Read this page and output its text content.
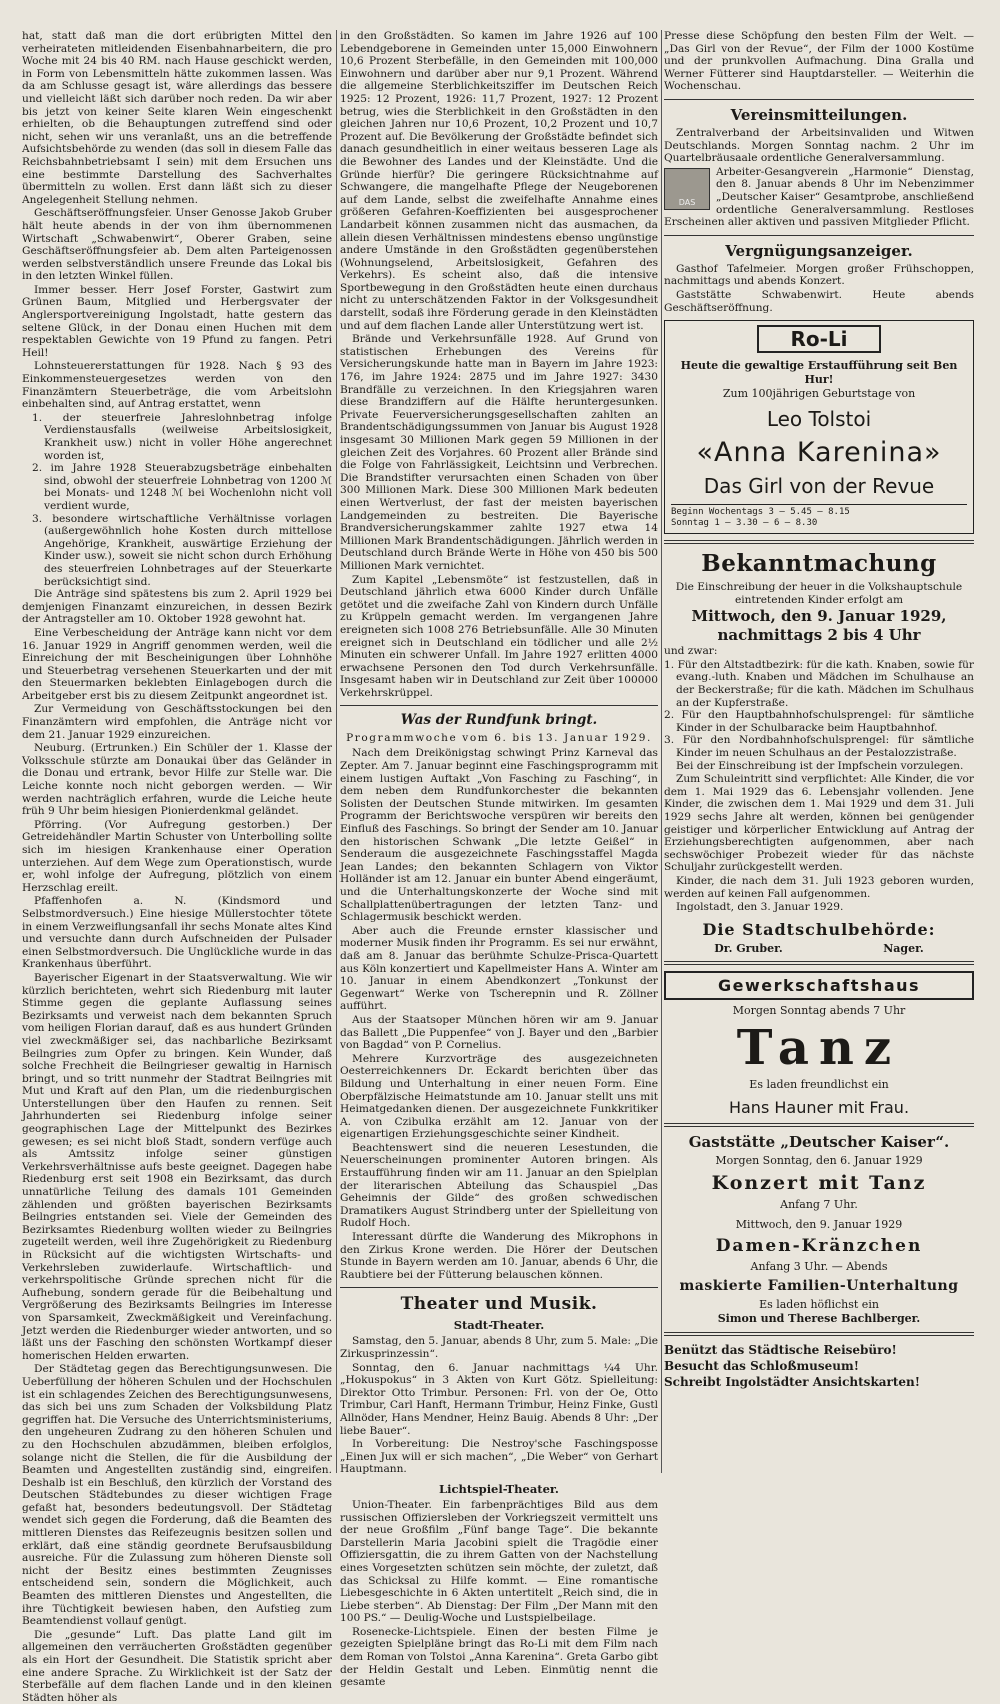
hat, statt daß man die dort erübrigten Mittel den verheirateten mitleidenden Eisenbahnarbeitern, die pro Woche mit 24 bis 40 RM. nach Hause geschickt werden, in Form von Lebensmitteln hätte zukommen lassen. Was da am Schlusse gesagt ist, wäre allerdings das bessere und vielleicht läßt sich darüber noch reden. Da wir aber bis jetzt von keiner Seite klaren Wein eingeschenkt erhielten, ob die Behauptungen zutreffend sind oder nicht, sehen wir uns veranlaßt, uns an die betreffende Aufsichtsbehörde zu wenden (das soll in diesem Falle das Reichsbahnbetriebsamt I sein) mit dem Ersuchen uns eine bestimmte Darstellung des Sachverhaltes übermitteln zu wollen. Erst dann läßt sich zu dieser Angelegenheit Stellung nehmen.

Geschäftseröffnungsfeier. Unser Genosse Jakob Gruber hält heute abends in der von ihm übernommenen Wirtschaft „Schwabenwirt“, Oberer Graben, seine Geschäftseröffnungsfeier ab. Dem alten Parteigenossen werden selbstverständlich unsere Freunde das Lokal bis in den letzten Winkel füllen.

Immer besser. Herr Josef Forster, Gastwirt zum Grünen Baum, Mitglied und Herbergsvater der Anglersportvereinigung Ingolstadt, hatte gestern das seltene Glück, in der Donau einen Huchen mit dem respektablen Gewichte von 19 Pfund zu fangen. Petri Heil!

Lohnsteuererstattungen für 1928. Nach § 93 des Einkommensteuergesetzes werden von den Finanzämtern Steuerbeträge, die vom Arbeitslohn einbehalten sind, auf Antrag erstattet, wenn

1. der steuerfreie Jahreslohnbetrag infolge Verdienstausfalls (weilweise Arbeitslosigkeit, Krankheit usw.) nicht in voller Höhe angerechnet worden ist,

2. im Jahre 1928 Steuerabzugsbeträge einbehalten sind, obwohl der steuerfreie Lohnbetrag von 1200 ℳ bei Monats- und 1248 ℳ bei Wochenlohn nicht voll verdient wurde,

3. besondere wirtschaftliche Verhältnisse vorlagen (außergewöhnlich hohe Kosten durch mittellose Angehörige, Krankheit, auswärtige Erziehung der Kinder usw.), soweit sie nicht schon durch Erhöhung des steuerfreien Lohnbetrages auf der Steuerkarte berücksichtigt sind.

Die Anträge sind spätestens bis zum 2. April 1929 bei demjenigen Finanzamt einzureichen, in dessen Bezirk der Antragsteller am 10. Oktober 1928 gewohnt hat.

Eine Verbescheidung der Anträge kann nicht vor dem 16. Januar 1929 in Angriff genommen werden, weil die Einreichung der mit Bescheinigungen über Lohnhöhe und Steuerbetrag versehenen Steuerkarten und der mit den Steuermarken beklebten Einlagebogen durch die Arbeitgeber erst bis zu diesem Zeitpunkt angeordnet ist.

Zur Vermeidung von Geschäftsstockungen bei den Finanzämtern wird empfohlen, die Anträge nicht vor dem 21. Januar 1929 einzureichen.

Neuburg. (Ertrunken.) Ein Schüler der 1. Klasse der Volksschule stürzte am Donaukai über das Geländer in die Donau und ertrank, bevor Hilfe zur Stelle war. Die Leiche konnte noch nicht geborgen werden. — Wir werden nachträglich erfahren, wurde die Leiche heute früh 9 Uhr beim hiesigen Pionierdenkmal geländet.

Pförring. (Vor Aufregung gestorben.) Der Getreidehändler Martin Schuster von Unterbolling sollte sich im hiesigen Krankenhause einer Operation unterziehen. Auf dem Wege zum Operationstisch, wurde er, wohl infolge der Aufregung, plötzlich von einem Herzschlag ereilt.

Pfaffenhofen a. N. (Kindsmord und Selbstmordversuch.) Eine hiesige Müllerstochter tötete in einem Verzweiflungsanfall ihr sechs Monate altes Kind und versuchte dann durch Aufschneiden der Pulsader einen Selbstmordversuch. Die Unglückliche wurde in das Krankenhaus überführt.

Bayerischer Eigenart in der Staatsverwaltung. Wie wir kürzlich berichteten, wehrt sich Riedenburg mit lauter Stimme gegen die geplante Auflassung seines Bezirksamts und verweist nach dem bekannten Spruch vom heiligen Florian darauf, daß es aus hundert Gründen viel zweckmäßiger sei, das nachbarliche Bezirksamt Beilngries zum Opfer zu bringen. Kein Wunder, daß solche Frechheit die Beilngrieser gewaltig in Harnisch bringt, und so tritt nunmehr der Stadtrat Beilngries mit Mut und Kraft auf den Plan, um die riedenburgischen Unterstellungen über den Haufen zu rennen. Seit Jahrhunderten sei Riedenburg infolge seiner geographischen Lage der Mittelpunkt des Bezirkes gewesen; es sei nicht bloß Stadt, sondern verfüge auch als Amtssitz infolge seiner günstigen Verkehrsverhältnisse aufs beste geeignet. Dagegen habe Riedenburg erst seit 1908 ein Bezirksamt, das durch unnatürliche Teilung des damals 101 Gemeinden zählenden und größten bayerischen Bezirksamts Beilngries entstanden sei. Viele der Gemeinden des Bezirksamtes Riedenburg wollten wieder zu Beilngries zugeteilt werden, weil ihre Zugehörigkeit zu Riedenburg in Rücksicht auf die wichtigsten Wirtschafts- und Verkehrsleben zuwiderlaufe. Wirtschaftlich- und verkehrspolitische Gründe sprechen nicht für die Aufhebung, sondern gerade für die Beibehaltung und Vergrößerung des Bezirksamts Beilngries im Interesse von Sparsamkeit, Zweckmäßigkeit und Vereinfachung. Jetzt werden die Riedenburger wieder antworten, und so läßt uns der Fasching den schönsten Wortkampf dieser homerischen Helden erwarten.

Der Städtetag gegen das Berechtigungsunwesen. Die Ueberfüllung der höheren Schulen und der Hochschulen ist ein schlagendes Zeichen des Berechtigungsunwesens, das sich bei uns zum Schaden der Volksbildung Platz gegriffen hat. Die Versuche des Unterrichtsministeriums, den ungeheuren Zudrang zu den höheren Schulen und zu den Hochschulen abzudämmen, bleiben erfolglos, solange nicht die Stellen, die für die Ausbildung der Beamten und Angestellten zuständig sind, eingreifen. Deshalb ist ein Beschluß, den kürzlich der Vorstand des Deutschen Städtebundes zu dieser wichtigen Frage gefaßt hat, besonders bedeutungsvoll. Der Städtetag wendet sich gegen die Forderung, daß die Beamten des mittleren Dienstes das Reifezeugnis besitzen sollen und erklärt, daß eine ständig geordnete Berufsausbildung ausreiche. Für die Zulassung zum höheren Dienste soll nicht der Besitz eines bestimmten Zeugnisses entscheidend sein, sondern die Möglichkeit, auch Beamten des mittleren Dienstes und Angestellten, die ihre Tüchtigkeit bewiesen haben, den Aufstieg zum Beamtendienst vollauf genügt.

Die „gesunde“ Luft. Das platte Land gilt im allgemeinen den verräucherten Großstädten gegenüber als ein Hort der Gesundheit. Die Statistik spricht aber eine andere Sprache. Zu Wirklichkeit ist der Satz der Sterbefälle auf dem flachen Lande und in den kleinen Städten höher als

in den Großstädten. So kamen im Jahre 1926 auf 100 Lebendgeborene in Gemeinden unter 15,000 Einwohnern 10,6 Prozent Sterbefälle, in den Gemeinden mit 100,000 Einwohnern und darüber aber nur 9,1 Prozent. Während die allgemeine Sterblichkeitsziffer im Deutschen Reich 1925: 12 Prozent, 1926: 11,7 Prozent, 1927: 12 Prozent betrug, wies die Sterblichkeit in den Großstädten in den gleichen Jahren nur 10,6 Prozent, 10,2 Prozent und 10,7 Prozent auf. Die Bevölkerung der Großstädte befindet sich danach gesundheitlich in einer weitaus besseren Lage als die Bewohner des Landes und der Kleinstädte. Und die Gründe hierfür? Die geringere Rücksichtnahme auf Schwangere, die mangelhafte Pflege der Neugeborenen auf dem Lande, selbst die zweifelhafte Annahme eines größeren Gefahren-Koeffizienten bei ausgesprochener Landarbeit können zusammen nicht das ausmachen, da allein diesen Verhältnissen mindestens ebenso ungünstige andere Umstände in den Großstädten gegenüberstehen (Wohnungselend, Arbeitslosigkeit, Gefahren des Verkehrs). Es scheint also, daß die intensive Sportbewegung in den Großstädten heute einen durchaus nicht zu unterschätzenden Faktor in der Volksgesundheit darstellt, sodaß ihre Förderung gerade in den Kleinstädten und auf dem flachen Lande aller Unterstützung wert ist.

Brände und Verkehrsunfälle 1928. Auf Grund von statistischen Erhebungen des Vereins für Versicherungskunde hatte man in Bayern im Jahre 1923: 176, im Jahre 1924: 2875 und im Jahre 1927: 3430 Brandfälle zu verzeichnen. In den Kriegsjahren waren diese Brandziffern auf die Hälfte heruntergesunken. Private Feuerversicherungsgesellschaften zahlten an Brandentschädigungssummen von Januar bis August 1928 insgesamt 30 Millionen Mark gegen 59 Millionen in der gleichen Zeit des Vorjahres. 60 Prozent aller Brände sind die Folge von Fahrlässigkeit, Leichtsinn und Verbrechen. Die Brandstifter verursachten einen Schaden von über 300 Millionen Mark. Diese 300 Millionen Mark bedeuten einen Wertverlust, der fast der meisten bayerischen Landgemeinden zu bestreiten. Die Bayerische Brandversicherungskammer zahlte 1927 etwa 14 Millionen Mark Brandentschädigungen. Jährlich werden in Deutschland durch Brände Werte in Höhe von 450 bis 500 Millionen Mark vernichtet.

Zum Kapitel „Lebensmöte“ ist festzustellen, daß in Deutschland jährlich etwa 6000 Kinder durch Unfälle getötet und die zweifache Zahl von Kindern durch Unfälle zu Krüppeln gemacht werden. Im vergangenen Jahre ereigneten sich 1008 276 Betriebsunfälle. Alle 30 Minuten ereignet sich in Deutschland ein tödlicher und alle 2½ Minuten ein schwerer Unfall. Im Jahre 1927 erlitten 4000 erwachsene Personen den Tod durch Verkehrsunfälle. Insgesamt haben wir in Deutschland zur Zeit über 100000 Verkehrskrüppel.

Was der Rundfunk bringt.
Programmwoche vom 6. bis 13. Januar 1929.

Nach dem Dreikönigstag schwingt Prinz Karneval das Zepter. Am 7. Januar beginnt eine Faschingsprogramm mit einem lustigen Auftakt „Von Fasching zu Fasching“, in dem neben dem Rundfunkorchester die bekannten Solisten der Deutschen Stunde mitwirken. Im gesamten Programm der Berichtswoche verspüren wir bereits den Einfluß des Faschings. So bringt der Sender am 10. Januar den historischen Schwank „Die letzte Geißel“ in Senderaum die ausgezeichnete Faschingsstaffel Magda Jean Landes; den bekannten Schlagern von Viktor Holländer ist am 12. Januar ein bunter Abend eingeräumt, und die Unterhaltungskonzerte der Woche sind mit Schallplattenübertragungen der letzten Tanz- und Schlagermusik beschickt werden.

Aber auch die Freunde ernster klassischer und moderner Musik finden ihr Programm. Es sei nur erwähnt, daß am 8. Januar das berühmte Schulze-Prisca-Quartett aus Köln konzertiert und Kapellmeister Hans A. Winter am 10. Januar in einem Abendkonzert „Tonkunst der Gegenwart“ Werke von Tscherepnin und R. Zöllner aufführt.

Aus der Staatsoper München hören wir am 9. Januar das Ballett „Die Puppenfee“ von J. Bayer und den „Barbier von Bagdad“ von P. Cornelius.

Mehrere Kurzvorträge des ausgezeichneten Oesterreichkenners Dr. Eckardt berichten über das Bildung und Unterhaltung in einer neuen Form. Eine Oberpfälzische Heimatstunde am 10. Januar stellt uns mit Heimatgedanken dienen. Der ausgezeichnete Funkkritiker A. von Czibulka erzählt am 12. Januar von der eigenartigen Erziehungsgeschichte seiner Kindheit.

Beachtenswert sind die neueren Lesestunden, die Neuerscheinungen prominenter Autoren bringen. Als Erstaufführung finden wir am 11. Januar an den Spielplan der literarischen Abteilung das Schauspiel „Das Geheimnis der Gilde“ des großen schwedischen Dramatikers August Strindberg unter der Spielleitung von Rudolf Hoch.

Interessant dürfte die Wanderung des Mikrophons in den Zirkus Krone werden. Die Hörer der Deutschen Stunde in Bayern werden am 10. Januar, abends 6 Uhr, die Raubtiere bei der Fütterung belauschen können.

Theater und Musik.
Stadt-Theater.

Samstag, den 5. Januar, abends 8 Uhr, zum 5. Male: „Die Zirkusprinzessin“.

Sonntag, den 6. Januar nachmittags ¼4 Uhr. „Hokuspokus“ in 3 Akten von Kurt Götz. Spielleitung: Direktor Otto Trimbur. Personen: Frl. von der Oe, Otto Trimbur, Carl Hanft, Hermann Trimbur, Heinz Finke, Gustl Allnöder, Hans Mendner, Heinz Bauig. Abends 8 Uhr: „Der liebe Bauer“.

In Vorbereitung: Die Nestroy'sche Faschingsposse „Einen Jux will er sich machen“, „Die Weber“ von Gerhart Hauptmann.

Lichtspiel-Theater.

Union-Theater. Ein farbenprächtiges Bild aus dem russischen Offiziersleben der Vorkriegszeit vermittelt uns der neue Großfilm „Fünf bange Tage“. Die bekannte Darstellerin Maria Jacobini spielt die Tragödie einer Offiziersgattin, die zu ihrem Gatten von der Nachstellung eines Vorgesetzten schützen sein möchte, der zuletzt, daß das Schicksal zu Hilfe kommt. — Eine romantische Liebesgeschichte in 6 Akten untertitelt „Reich sind, die in Liebe sterben“. Ab Dienstag: Der Film „Der Mann mit den 100 PS.“ — Deulig-Woche und Lustspielbeilage.

Rosenecke-Lichtspiele. Einen der besten Filme je gezeigten Spielpläne bringt das Ro-Li mit dem Film nach dem Roman von Tolstoi „Anna Karenina“. Greta Garbo gibt der Heldin Gestalt und Leben. Einmütig nennt die gesamte

Presse diese Schöpfung den besten Film der Welt. — „Das Girl von der Revue“, der Film der 1000 Kostüme und der prunkvollen Aufmachung. Dina Gralla und Werner Fütterer sind Hauptdarsteller. — Weiterhin die Wochenschau.

Vereinsmitteilungen.

Zentralverband der Arbeitsinvaliden und Witwen Deutschlands. Morgen Sonntag nachm. 2 Uhr im Quartelbräusaale ordentliche Generalversammlung.

DAS

Arbeiter-Gesangverein „Harmonie“ Dienstag, den 8. Januar abends 8 Uhr im Nebenzimmer „Deutscher Kaiser“ Gesamtprobe, anschließend ordentliche Generalversammlung. Restloses Erscheinen aller aktiven und passiven Mitglieder Pflicht.

Vergnügungsanzeiger.

Gasthof Tafelmeier. Morgen großer Frühschoppen, nachmittags und abends Konzert.

Gaststätte Schwabenwirt. Heute abends Geschäftseröffnung.

Ro-Li
Heute die gewaltige Erstaufführung seit Ben Hur!
Zum 100jährigen Geburtstage von
Leo Tolstoi
«Anna Karenina»
Das Girl von der Revue
Beginn Wochentags 3 — 5.45 — 8.15
Sonntag 1 — 3.30 — 6 — 8.30
Bekanntmachung

Die Einschreibung der heuer in die Volkshauptschule eintretenden Kinder erfolgt am

Mittwoch, den 9. Januar 1929,
nachmittags 2 bis 4 Uhr

und zwar:

1. Für den Altstadtbezirk: für die kath. Knaben, sowie für evang.-luth. Knaben und Mädchen im Schulhause an der Beckerstraße; für die kath. Mädchen im Schulhaus an der Kupferstraße.

2. Für den Hauptbahnhofschulsprengel: für sämtliche Kinder in der Schulbaracke beim Hauptbahnhof.

3. Für den Nordbahnhofschulsprengel: für sämtliche Kinder im neuen Schulhaus an der Pestalozzistraße.

Bei der Einschreibung ist der Impfschein vorzulegen.

Zum Schuleintritt sind verpflichtet: Alle Kinder, die vor dem 1. Mai 1929 das 6. Lebensjahr vollenden. Jene Kinder, die zwischen dem 1. Mai 1929 und dem 31. Juli 1929 sechs Jahre alt werden, können bei genügender geistiger und körperlicher Entwicklung auf Antrag der Erziehungsberechtigten aufgenommen, aber nach sechswöchiger Probezeit wieder für das nächste Schuljahr zurückgestellt werden.

Kinder, die nach dem 31. Juli 1923 geboren wurden, werden auf keinen Fall aufgenommen.

Ingolstadt, den 3. Januar 1929.

Die Stadtschulbehörde:
Dr. Gruber.	Nager.
Gewerkschaftshaus
Morgen Sonntag abends 7 Uhr
Tanz
Es laden freundlichst ein
Hans Hauner mit Frau.
Gaststätte „Deutscher Kaiser“.
Morgen Sonntag, den 6. Januar 1929
Konzert mit Tanz
Anfang 7 Uhr.
Mittwoch, den 9. Januar 1929
Damen-Kränzchen
Anfang 3 Uhr. — Abends
maskierte Familien-Unterhaltung
Es laden höflichst ein
Simon und Therese Bachlberger.
Benützt das Städtische Reisebüro!
Besucht das Schloßmuseum!
Schreibt Ingolstädter Ansichtskarten!
